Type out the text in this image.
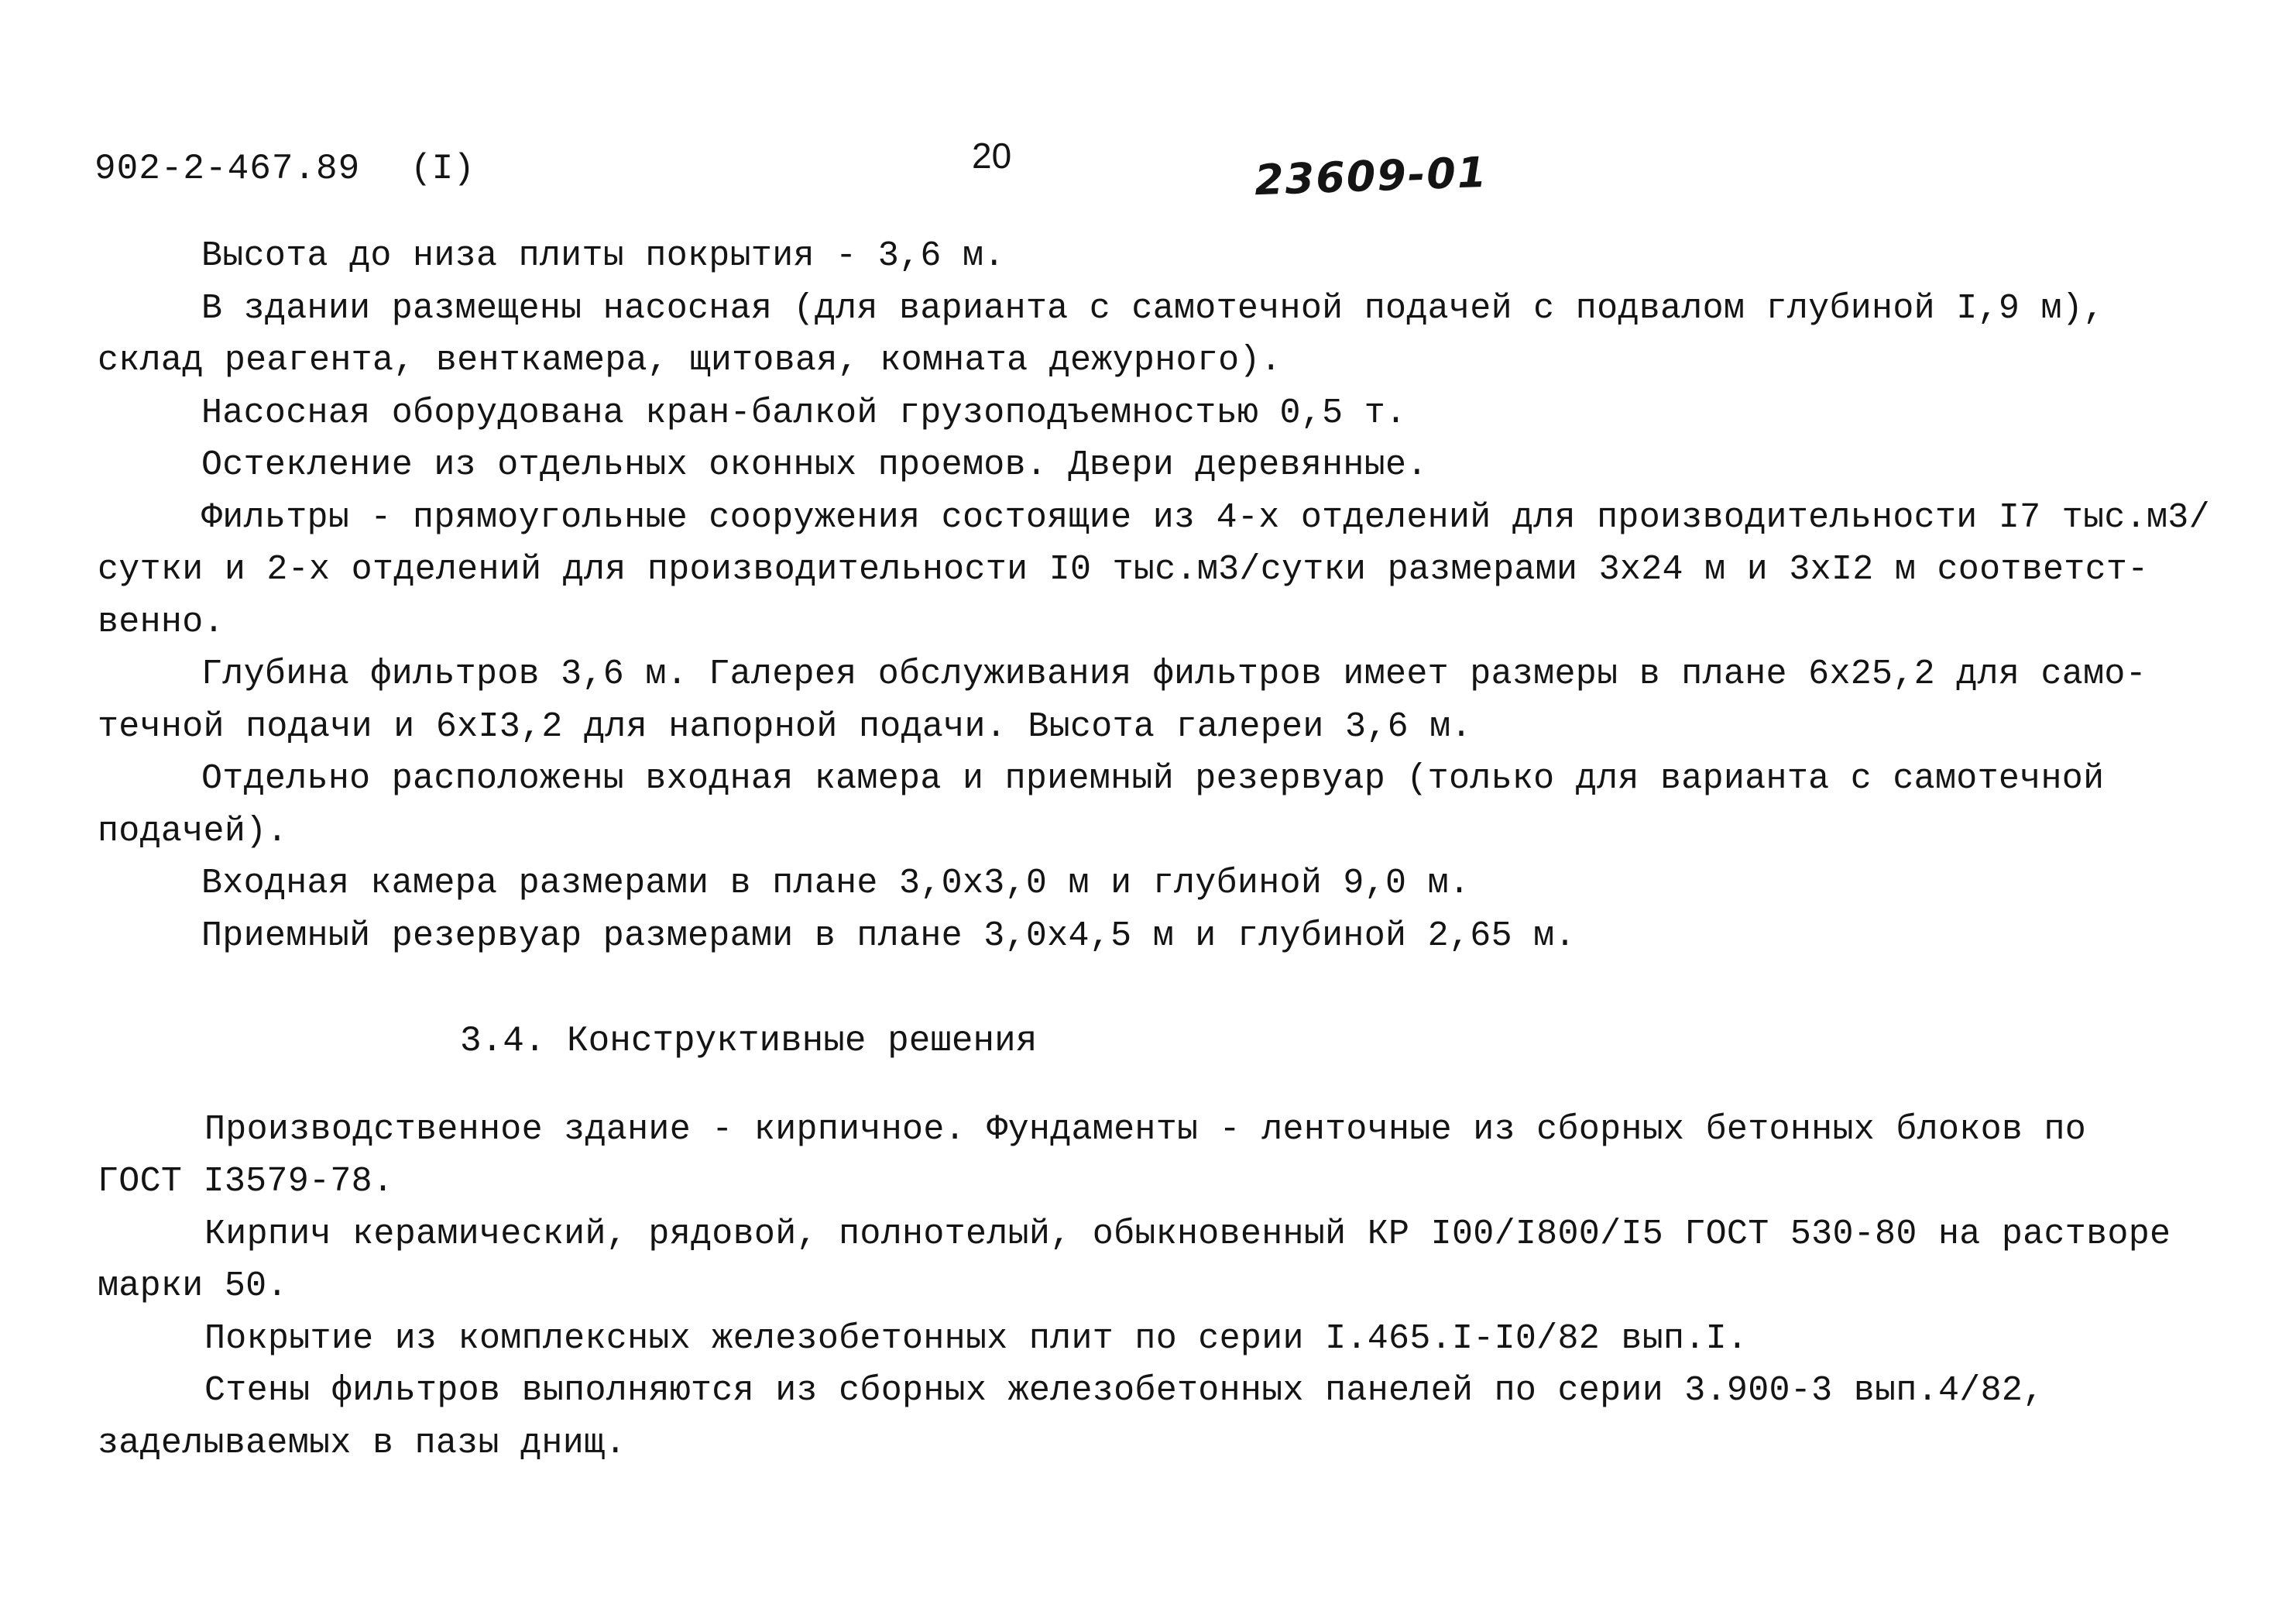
902-2-467.89 (I)	20	23609-01
Высота до низа плиты покрытия - 3,6 м.
В здании размещены насосная (для варианта с самотечной подачей с подвалом глубиной I,9 м),
склад реагента, венткамера, щитовая, комната дежурного).
Насосная оборудована кран-балкой грузоподъемностью 0,5 т.
Остекление из отдельных оконных проемов. Двери деревянные.
Фильтры - прямоугольные сооружения состоящие из 4-х отделений для производительности I7 тыс.м3/
сутки и 2-х отделений для производительности I0 тыс.м3/сутки размерами 3х24 м и 3хI2 м соответст-
венно.
Глубина фильтров 3,6 м. Галерея обслуживания фильтров имеет размеры в плане 6х25,2 для само-
течной подачи и 6хI3,2 для напорной подачи. Высота галереи 3,6 м.
Отдельно расположены входная камера и приемный резервуар (только для варианта с самотечной
подачей).
Входная камера размерами в плане 3,0х3,0 м и глубиной 9,0 м.
Приемный резервуар размерами в плане 3,0х4,5 м и глубиной 2,65 м.
3.4. Конструктивные решения
Производственное здание - кирпичное. Фундаменты - ленточные из сборных бетонных блоков по
ГОСТ I3579-78.
Кирпич керамический, рядовой, полнотелый, обыкновенный КР I00/I800/I5 ГОСТ 530-80 на растворе
марки 50.
Покрытие из комплексных железобетонных плит по серии I.465.I-I0/82 вып.I.
Стены фильтров выполняются из сборных железобетонных панелей по серии 3.900-3 вып.4/82,
заделываемых в пазы днищ.
